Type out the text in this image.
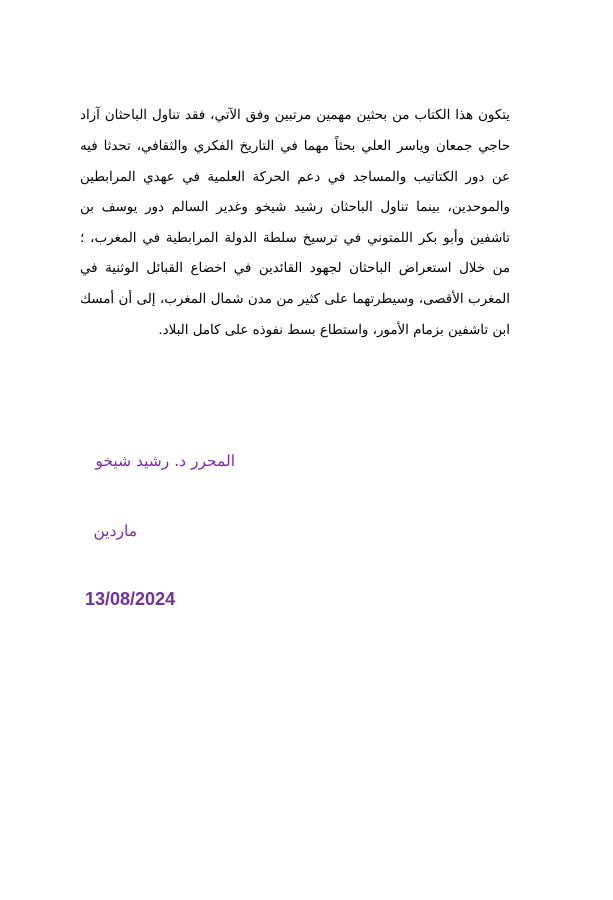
يتكون هذا الكتاب من بحثين مهمين مرتبين وفق الآتي، فقد تناول الباحثان آزاد حاجي جمعان وياسر العلي بحثاً مهما في التاريخ الفكري والثقافي، تحدثا فيه عن دور الكتاتيب والمساجد في دعم الحركة العلمية في عهدي المرابطين والموحدين، بينما تناول الباحثان رشيد شيخو وغدير السالم دور يوسف بن تاشفين وأبو بكر اللمتوني في ترسيخ سلطة الدولة المرابطية في المغرب، ؛ من خلال استعراض الباحثان لجهود القائدين في اخضاع القبائل الوثنية في المغرب الأقصى، وسيطرتهما على كثير من مدن شمال المغرب، إلى أن أمسك ابن تاشفين بزمام الأمور، واستطاع بسط نفوذه على كامل البلاد.

المحرر د. رشيد شيخو
ماردين
13/08/2024
